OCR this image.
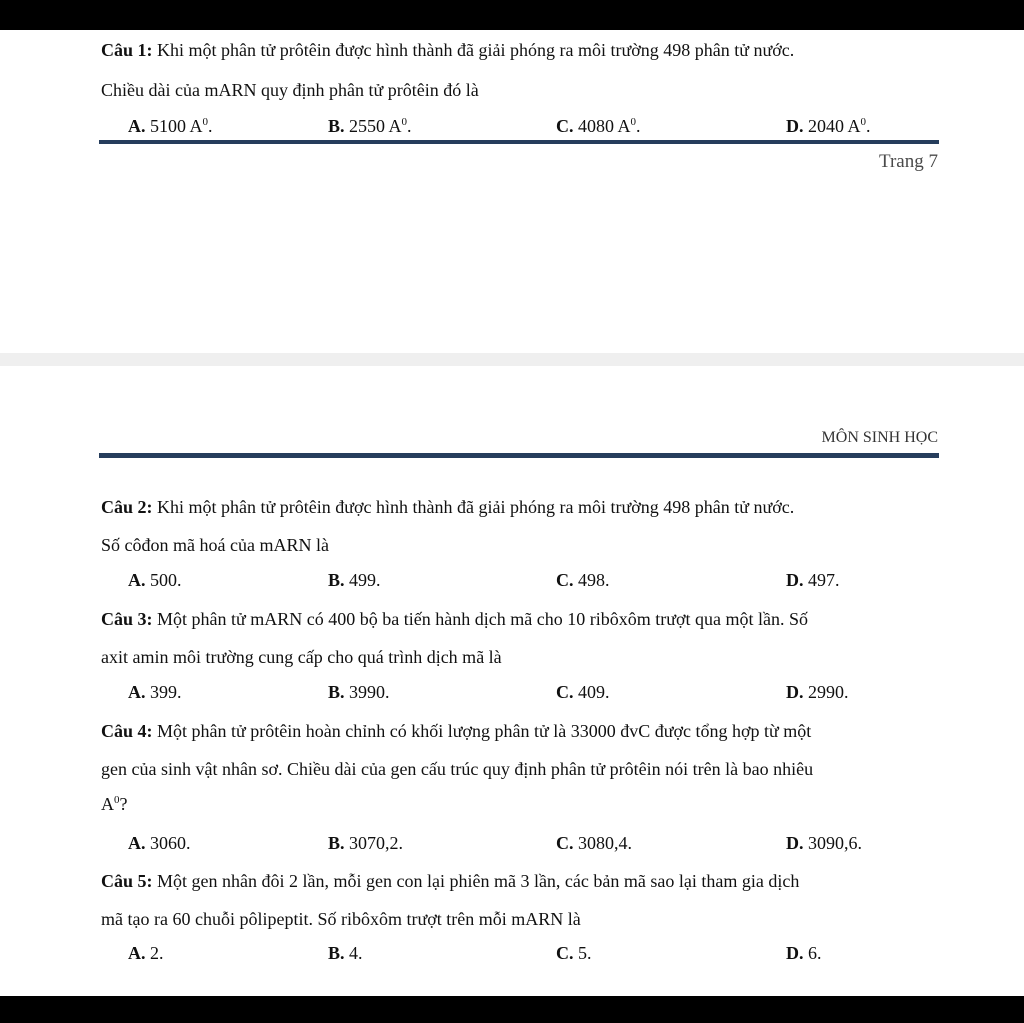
Câu 1: Khi một phân tử prôtêin được hình thành đã giải phóng ra môi trường 498 phân tử nước.
Chiều dài của mARN quy định phân tử prôtêin đó là
A. 5100 $A^0$.	B. 2550 $A^0$.	C. 4080 $A^0$.	D. 2040 $A^0$.
Trang 7
MÔN SINH HỌC
Câu 2: Khi một phân tử prôtêin được hình thành đã giải phóng ra môi trường 498 phân tử nước.
Số côđon mã hoá của mARN là
A. 500.	B. 499.	C. 498.	D. 497.
Câu 3: Một phân tử mARN có 400 bộ ba tiến hành dịch mã cho 10 ribôxôm trượt qua một lần. Số
axit amin môi trường cung cấp cho quá trình dịch mã là
A. 399.	B. 3990.	C. 409.	D. 2990.
Câu 4: Một phân tử prôtêin hoàn chỉnh có khối lượng phân tử là 33000 đvC được tổng hợp từ một
gen của sinh vật nhân sơ. Chiều dài của gen cấu trúc quy định phân tử prôtêin nói trên là bao nhiêu
$A^0$?
A. 3060.	B. 3070,2.	C. 3080,4.	D. 3090,6.
Câu 5: Một gen nhân đôi 2 lần, mỗi gen con lại phiên mã 3 lần, các bản mã sao lại tham gia dịch
mã tạo ra 60 chuỗi pôlipeptit. Số ribôxôm trượt trên mỗi mARN là
A. 2.	B. 4.	C. 5.	D. 6.
